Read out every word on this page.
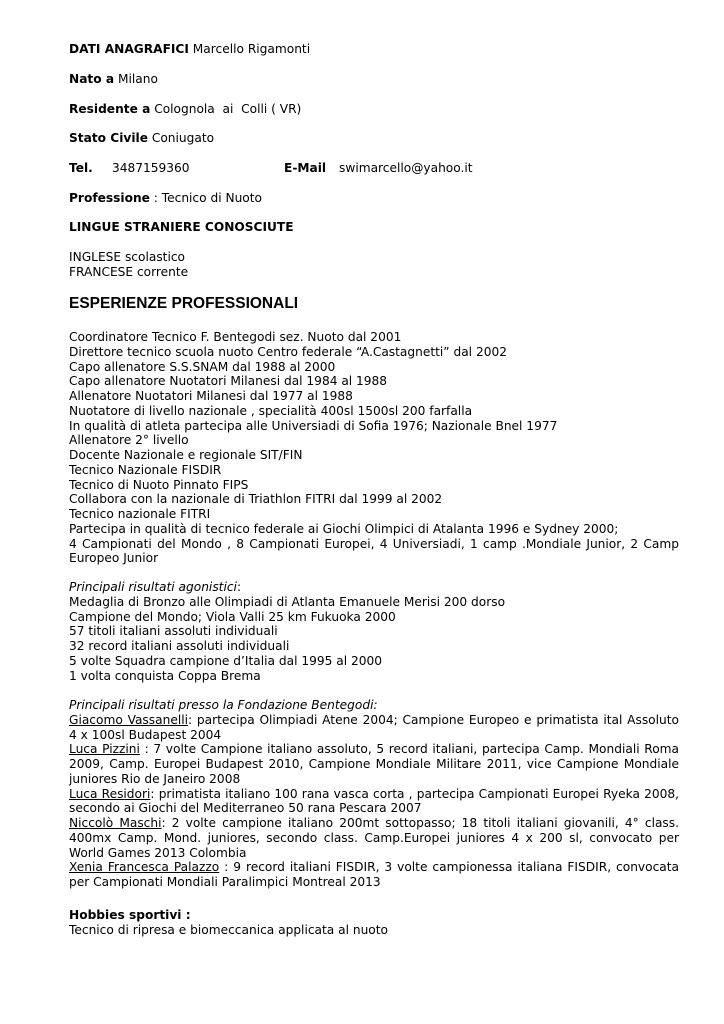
DATI ANAGRAFICI Marcello Rigamonti
Nato a Milano
Residente a Colognola  ai  Colli ( VR)
Stato Civile Coniugato
Tel. 3487159360	E-Mail swimarcello@yahoo.it
Professione : Tecnico di Nuoto
LINGUE STRANIERE CONOSCIUTE
INGLESE scolastico
FRANCESE corrente
ESPERIENZE PROFESSIONALI
Coordinatore Tecnico F. Bentegodi sez. Nuoto dal 2001
Direttore tecnico scuola nuoto Centro federale “A.Castagnetti” dal 2002
Capo allenatore S.S.SNAM dal 1988 al 2000
Capo allenatore Nuotatori Milanesi dal 1984 al 1988
Allenatore Nuotatori Milanesi dal 1977 al 1988
Nuotatore di livello nazionale , specialità 400sl 1500sl 200 farfalla
In qualità di atleta partecipa alle Universiadi di Sofia 1976; Nazionale Bnel 1977
Allenatore 2° livello
Docente Nazionale e regionale SIT/FIN
Tecnico Nazionale FISDIR
Tecnico di Nuoto Pinnato FIPS
Collabora con la nazionale di Triathlon FITRI dal 1999 al 2002
Tecnico nazionale FITRI
Partecipa in qualità di tecnico federale ai Giochi Olimpici di Atalanta 1996 e Sydney 2000;
4 Campionati del Mondo , 8 Campionati Europei, 4 Universiadi, 1 camp .Mondiale Junior, 2 Camp Europeo Junior
Principali risultati agonistici:
Medaglia di Bronzo alle Olimpiadi di Atlanta Emanuele Merisi 200 dorso
Campione del Mondo; Viola Valli 25 km Fukuoka 2000
57 titoli italiani assoluti individuali
32 record italiani assoluti individuali
5 volte Squadra campione d’Italia dal 1995 al 2000
1 volta conquista Coppa Brema
Principali risultati presso la Fondazione Bentegodi:
Giacomo Vassanelli: partecipa Olimpiadi Atene 2004; Campione Europeo e primatista ital Assoluto 4 x 100sl Budapest 2004
Luca Pizzini : 7 volte Campione italiano assoluto, 5 record italiani, partecipa Camp. Mondiali Roma 2009, Camp. Europei Budapest 2010, Campione Mondiale Militare 2011, vice Campione Mondiale juniores Rio de Janeiro 2008
Luca Residori: primatista italiano 100 rana vasca corta , partecipa Campionati Europei Ryeka 2008, secondo ai Giochi del Mediterraneo 50 rana Pescara 2007
Niccolò Maschi: 2 volte campione italiano 200mt sottopasso; 18 titoli italiani giovanili, 4° class. 400mx Camp. Mond. juniores, secondo class. Camp.Europei juniores 4 x 200 sl, convocato per World Games 2013 Colombia
Xenia Francesca Palazzo : 9 record italiani FISDIR, 3 volte campionessa italiana FISDIR, convocata per Campionati Mondiali Paralimpici Montreal 2013
Hobbies sportivi :
Tecnico di ripresa e biomeccanica applicata al nuoto
